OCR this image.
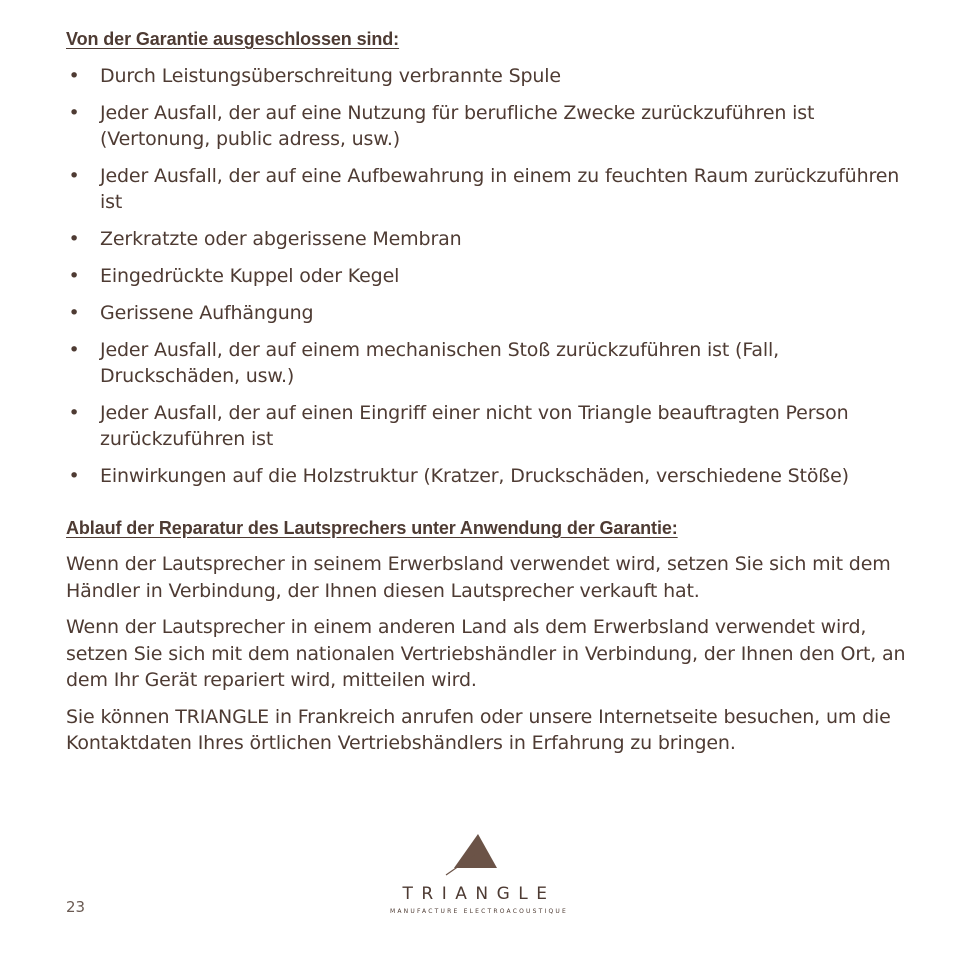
Von der Garantie ausgeschlossen sind:
• Durch Leistungsüberschreitung verbrannte Spule
• Jeder Ausfall, der auf eine Nutzung für berufliche Zwecke zurückzuführen ist (Vertonung, public adress, usw.)
• Jeder Ausfall, der auf eine Aufbewahrung in einem zu feuchten Raum zurückzuführen ist
• Zerkratzte oder abgerissene Membran
• Eingedrückte Kuppel oder Kegel
• Gerissene Aufhängung
• Jeder Ausfall, der auf einem mechanischen Stoß zurückzuführen ist (Fall, Druckschäden, usw.)
• Jeder Ausfall, der auf einen Eingriff einer nicht von Triangle beauftragten Person zurückzuführen ist
• Einwirkungen auf die Holzstruktur (Kratzer, Druckschäden, verschiedene Stöße)
Ablauf der Reparatur des Lautsprechers unter Anwendung der Garantie:

Wenn der Lautsprecher in seinem Erwerbsland verwendet wird, setzen Sie sich mit dem Händler in Verbindung, der Ihnen diesen Lautsprecher verkauft hat.

Wenn der Lautsprecher in einem anderen Land als dem Erwerbsland verwendet wird, setzen Sie sich mit dem nationalen Vertriebshändler in Verbindung, der Ihnen den Ort, an dem Ihr Gerät repariert wird, mitteilen wird.

Sie können TRIANGLE in Frankreich anrufen oder unsere Internetseite besuchen, um die Kontaktdaten Ihres örtlichen Vertriebshändlers in Erfahrung zu bringen.

23
TRIANGLE
MANUFACTURE ELECTROACOUSTIQUE
